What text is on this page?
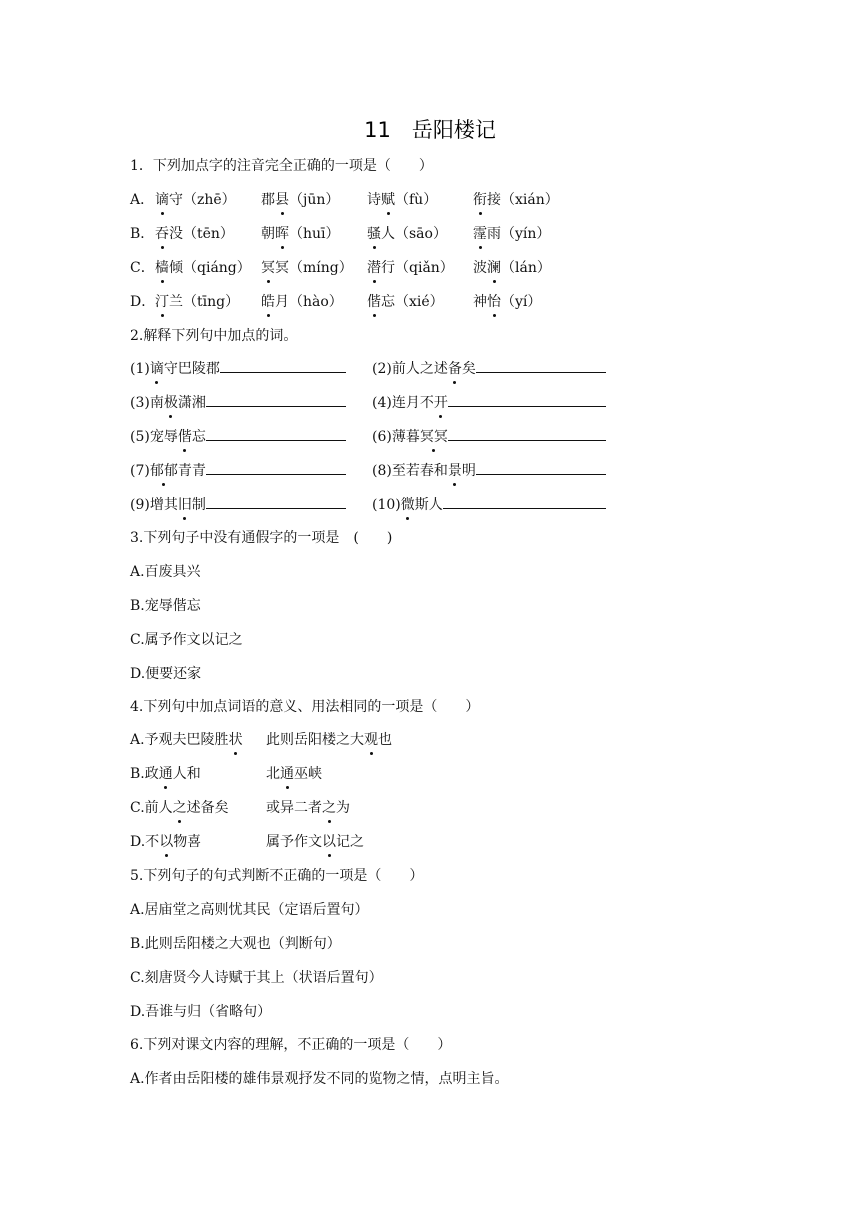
11　岳阳楼记
1．下列加点字的注音完全正确的一项是（　　）
A． 谪守（zhē） 郡县（jūn） 诗赋（fù）	衔接（xián）
B． 吞没（tēn） 朝晖（huī） 骚人（sāo） 霪雨（yín）
C． 樯倾（qiáng） 冥冥（míng） 潜行（qiǎn） 波澜（lán）
D． 汀兰（tīng） 皓月（hào） 偕忘（xié） 神怡（yí）
2.解释下列句中加点的词。
(1)谪守巴陵郡	(2)前人之述备矣
(3)南极潇湘	(4)连月不开
(5)宠辱偕忘	(6)薄暮冥冥
(7)郁郁青青	(8)至若春和景明
(9)增其旧制	(10)微斯人
3.下列句子中没有通假字的一项是　(　　)
A.百废具兴
B.宠辱偕忘
C.属予作文以记之
D.便要还家
4.下列句中加点词语的意义、用法相同的一项是（　　）
A.予观夫巴陵胜状 此则岳阳楼之大观也
B.政通人和	北通巫峡
C.前人之述备矣	或异二者之为
D.不以物喜	属予作文以记之
5.下列句子的句式判断不正确的一项是（　　）
A.居庙堂之高则忧其民（定语后置句）
B.此则岳阳楼之大观也（判断句）
C.刻唐贤今人诗赋于其上（状语后置句）
D.吾谁与归（省略句）
6.下列对课文内容的理解，不正确的一项是（　　）
A.作者由岳阳楼的雄伟景观抒发不同的览物之情，点明主旨。
